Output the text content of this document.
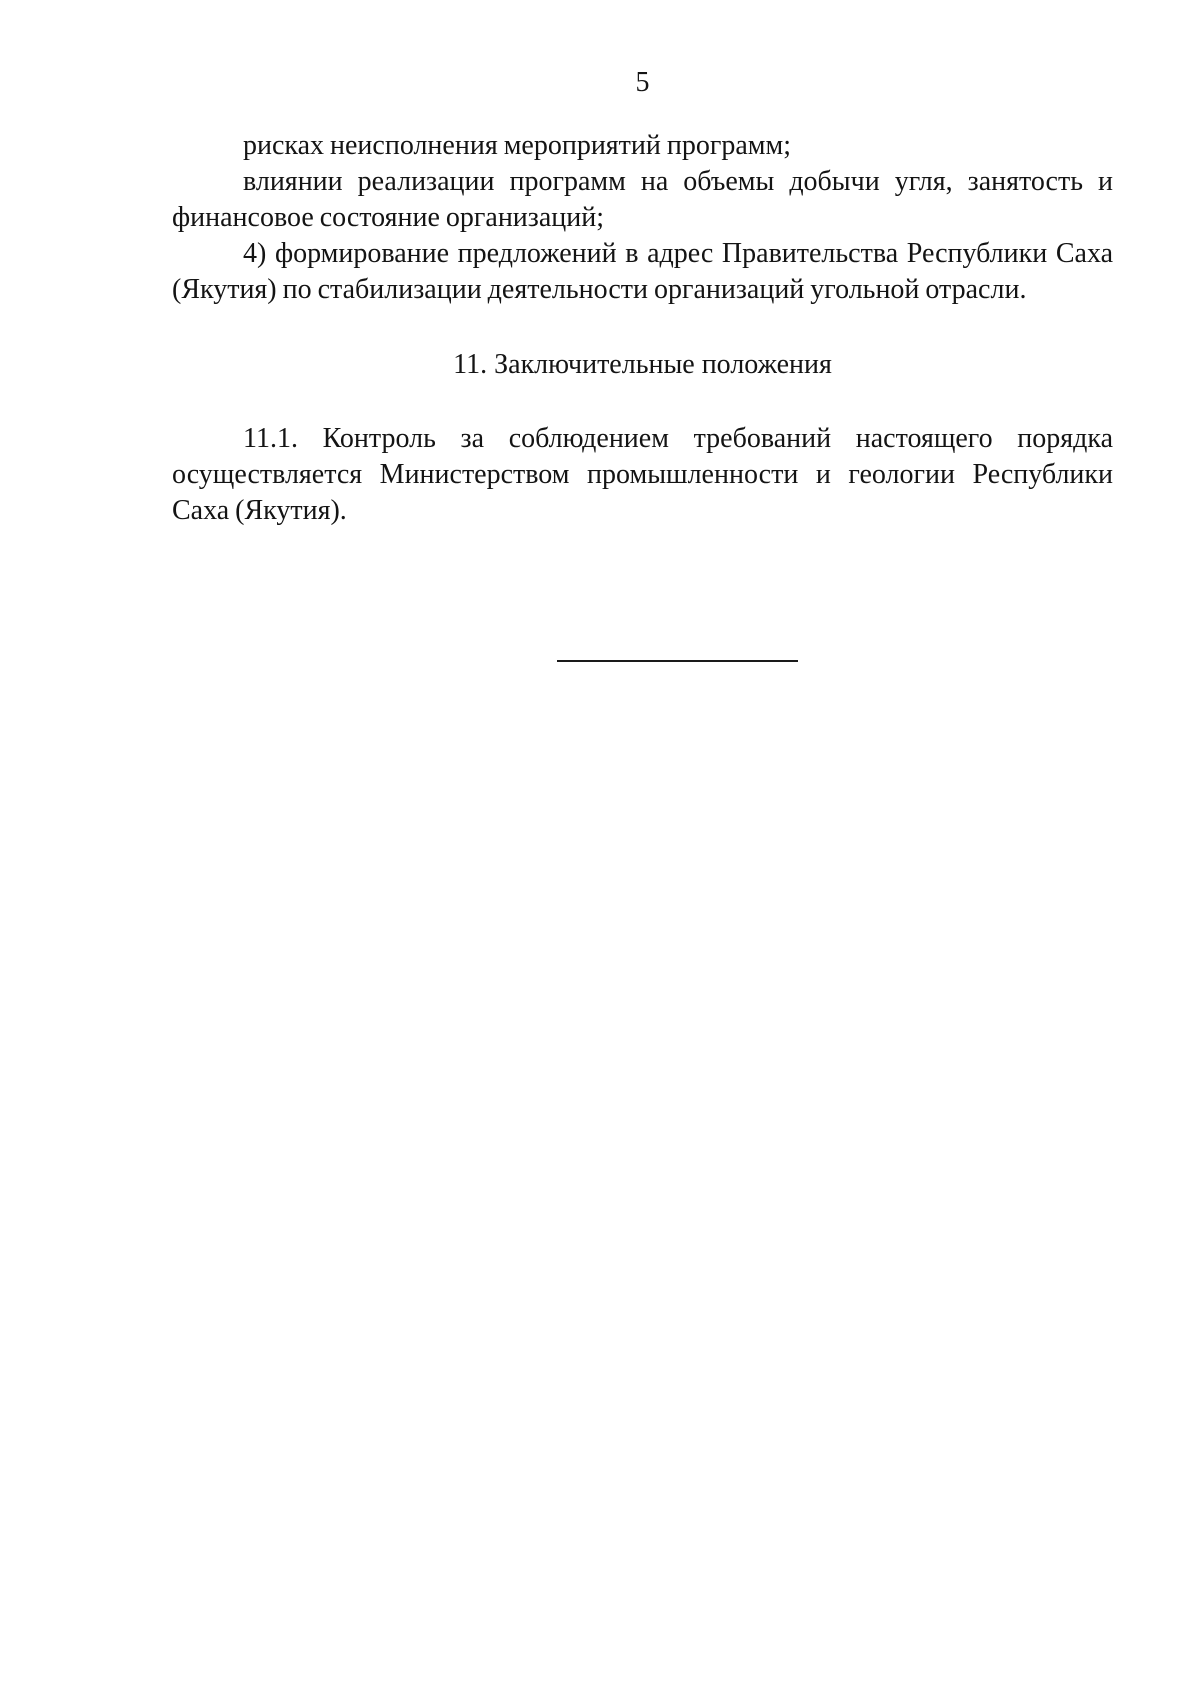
5
рисках неисполнения мероприятий программ;
влиянии реализации программ на объемы добычи угля, занятость и
финансовое состояние организаций;
4) формирование предложений в адрес Правительства Республики Саха
(Якутия) по стабилизации деятельности организаций угольной отрасли.
11. Заключительные положения
11.1. Контроль за соблюдением требований настоящего порядка
осуществляется Министерством промышленности и геологии Республики
Саха (Якутия).
